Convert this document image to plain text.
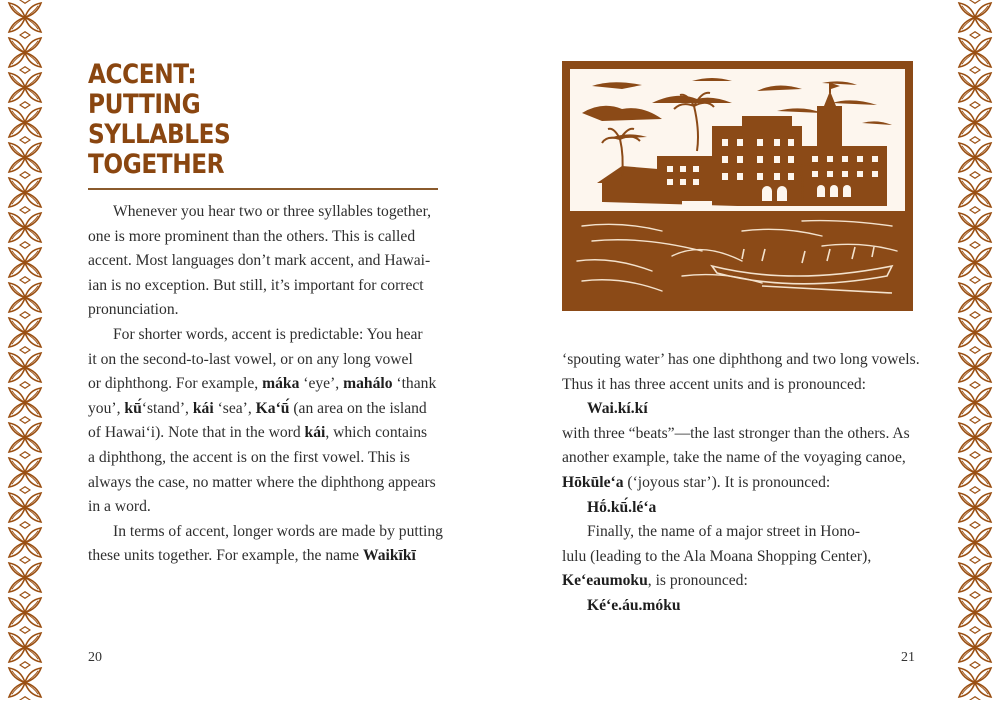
ACCENT:
PUTTING
SYLLABLES
TOGETHER
Whenever you hear two or three syllables together,
one is more prominent than the others. This is called
accent. Most languages don’t mark accent, and Hawai-
ian is no exception. But still, it’s important for correct
pronunciation.
For shorter words, accent is predictable: You hear
it on the second-to-last vowel, or on any long vowel
or diphthong. For example, máka ‘eye’, mahálo ‘thank
you’, kū́‘stand’, kái ‘sea’, Kaʻū́ (an area on the island
of Hawaiʻi). Note that in the word kái, which contains
a diphthong, the accent is on the first vowel. This is
always the case, no matter where the diphthong appears
in a word.
In terms of accent, longer words are made by putting
these units together. For example, the name Waikīkī
20
‘spouting water’ has one diphthong and two long vowels.
Thus it has three accent units and is pronounced:
Wai.kí.kí
with three “beats”—the last stronger than the others. As
another example, take the name of the voyaging canoe,
Hōkūleʻa (‘joyous star’). It is pronounced:
Hṓ.kū́.léʻa
Finally, the name of a major street in Hono-
lulu (leading to the Ala Moana Shopping Center),
Keʻeaumoku, is pronounced:
Kéʻe.áu.móku
21
